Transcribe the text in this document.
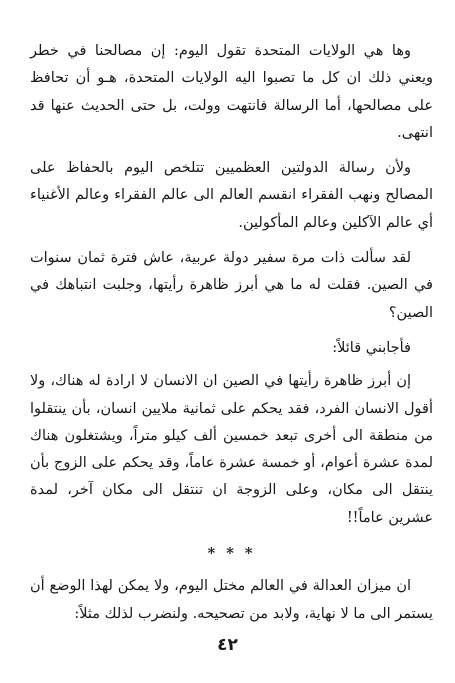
وها هي الولايات المتحدة تقول اليوم: إن مصالحنا في خطر ويعني ذلك ان كل ما تصبوا اليه الولايات المتحدة، هـو أن تحافظ على مصالحها، أما الرسالة فانتهت وولت، بل حتى الحديث عنها قد انتهى.

ولأن رسالة الدولتين العظميين تتلخص اليوم بالحفاظ على المصالح ونهب الفقراء انقسم العالم الى عالم الفقراء وعالم الأغنياء أي عالم الآكلين وعالم المأكولين.

لقد سألت ذات مرة سفير دولة عربية، عاش فترة ثمان سنوات في الصين. فقلت له ما هي أبرز ظاهرة رأيتها، وجلبت انتباهك في الصين؟

فأجابني قائلاً:

إن أبرز ظاهرة رأيتها في الصين ان الانسان لا ارادة له هناك، ولا أقول الانسان الفرد، فقد يحكم على ثمانية ملايين انسان، بأن ينتقلوا من منطقة الى أخرى تبعد خمسين ألف كيلو متراً، ويشتغلون هناك لمدة عشرة أعوام، أو خمسة عشرة عاماً، وقد يحكم على الزوج بأن ينتقل الى مكان، وعلى الزوجة ان تنتقل الى مكان آخر، لمدة عشرين عاماً!!

* * *

ان ميزان العدالة في العالم مختل اليوم، ولا يمكن لهذا الوضع أن يستمر الى ما لا نهاية، ولابد من تصحيحه. ولنضرب لذلك مثلاً:

٤٢
